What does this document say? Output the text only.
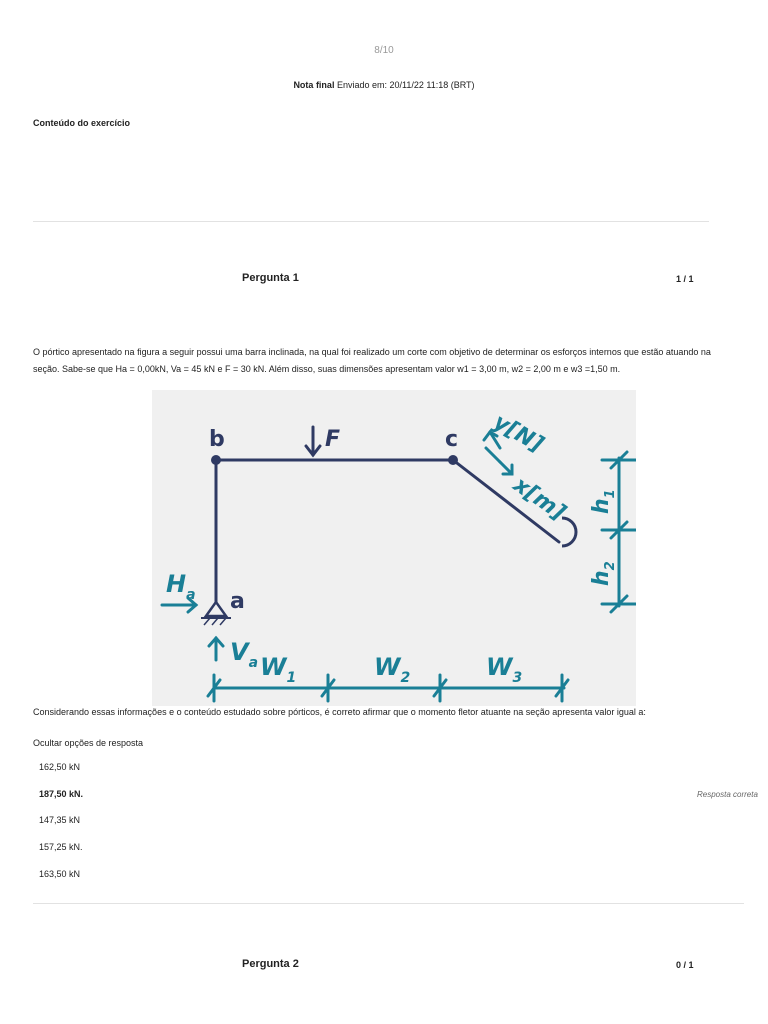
8/10
Nota final Enviado em: 20/11/22 11:18 (BRT)
Conteúdo do exercício
Pergunta 1	1 / 1
O pórtico apresentado na figura a seguir possui uma barra inclinada, na qual foi realizado um corte com objetivo de determinar os esforços internos que estão atuando na
seção. Sabe-se que Ha = 0,00kN, Va = 45 kN e F = 30 kN. Além disso, suas dimensões apresentam valor w1 = 3,00 m, w2 = 2,00 m e w3 =1,50 m.
b	c
a
F
$H_a$
$V_a$
y[N]
x[m] $h_1$
$h_2$
$W_1$	$W_2$	$W_3$
Considerando essas informações e o conteúdo estudado sobre pórticos, é correto afirmar que o momento fletor atuante na seção apresenta valor igual a:
Ocultar opções de resposta
162,50 kN
187,50 kN.
147,35 kN
157,25 kN.
163,50 kN
Resposta correta
Pergunta 2	0 / 1
